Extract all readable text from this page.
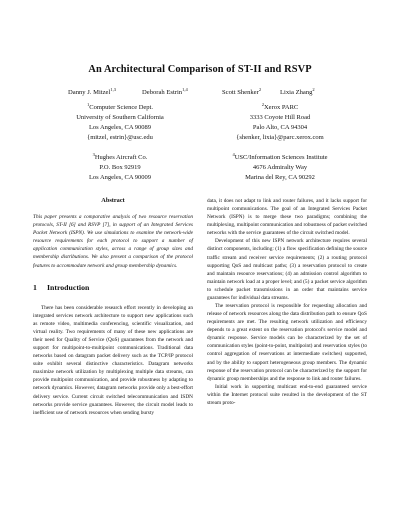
An Architectural Comparison of ST-II and RSVP
Danny J. Mitzel$^{1,3}$	Deborah Estrin$^{1,4}$	Scott Shenker$^2$	Lixia Zhang$^2$
$^1$Computer Science Dept.
University of Southern California
Los Angeles, CA 90089
{mitzel, estrin}@usc.edu
$^2$Xerox PARC
3333 Coyote Hill Road
Palo Alto, CA 94304
{shenker, lixia}@parc.xerox.com
$^3$Hughes Aircraft Co.
P.O. Box 92919
Los Angeles, CA 90009
$^4$USC/Information Sciences Institute
4676 Admiralty Way
Marina del Rey, CA 90292
Abstract

This paper presents a comparative analysis of two resource reservation protocols, ST-II [6] and RSVP [7], in support of an Integrated Services Packet Network (ISPN). We use simulations to examine the network-wide resource requirements for each protocol to support a number of application communication styles, across a range of group sizes and membership distributions. We also present a comparison of the protocol features to accommodate network and group membership dynamics.

1 Introduction

There has been considerable research effort recently in developing an integrated services network architecture to support new applications such as remote video, multimedia conferencing, scientific visualization, and virtual reality. Two requirements of many of these new applications are their need for Quality of Service (QoS) guarantees from the network and support for multipoint-to-multipoint communications. Traditional data networks based on datagram packet delivery such as the TCP/IP protocol suite exhibit several distinctive characteristics. Datagram networks maximize network utilization by multiplexing multiple data streams, can provide multipoint communication, and provide robustness by adapting to network dynamics. However, datagram networks provide only a best-effort delivery service. Current circuit switched telecommunication and ISDN networks provide service guarantees. However, the circuit model leads to inefficient use of network resources when sending bursty

data, it does not adapt to link and router failures, and it lacks support for multipoint communications. The goal of an Integrated Services Packet Network (ISPN) is to merge these two paradigms; combining the multiplexing, multipoint communication and robustness of packet switched networks with the service guarantees of the circuit switched model.

Development of this new ISPN network architecture requires several distinct components, including: (1) a flow specification defining the source traffic stream and receiver service requirements; (2) a routing protocol supporting QoS and multicast paths; (3) a reservation protocol to create and maintain resource reservations; (4) an admission control algorithm to maintain network load at a proper level; and (5) a packet service algorithm to schedule packet transmissions in an order that maintains service guarantees for individual data streams.

The reservation protocol is responsible for requesting allocation and release of network resources along the data distribution path to ensure QoS requirements are met. The resulting network utilization and efficiency depends to a great extent on the reservation protocol's service model and dynamic response. Service models can be characterized by the set of communication styles (point-to-point, multipoint) and reservation styles (to control aggregation of reservations at intermediate switches) supported, and by the ability to support heterogeneous group members. The dynamic response of the reservation protocol can be characterized by the support for dynamic group memberships and the response to link and router failures.

Initial work in supporting multicast end-to-end guaranteed service within the Internet protocol suite resulted in the development of the ST stream proto-
